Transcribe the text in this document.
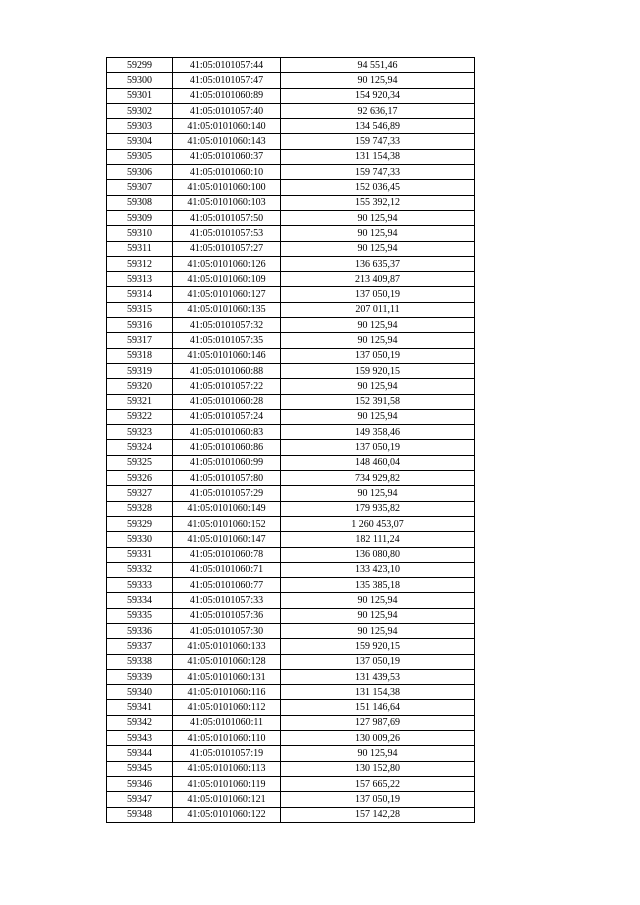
59299	41:05:0101057:44	94 551,46
59300	41:05:0101057:47	90 125,94
59301	41:05:0101060:89	154 920,34
59302	41:05:0101057:40	92 636,17
59303	41:05:0101060:140	134 546,89
59304	41:05:0101060:143	159 747,33
59305	41:05:0101060:37	131 154,38
59306	41:05:0101060:10	159 747,33
59307	41:05:0101060:100	152 036,45
59308	41:05:0101060:103	155 392,12
59309	41:05:0101057:50	90 125,94
59310	41:05:0101057:53	90 125,94
59311	41:05:0101057:27	90 125,94
59312	41:05:0101060:126	136 635,37
59313	41:05:0101060:109	213 409,87
59314	41:05:0101060:127	137 050,19
59315	41:05:0101060:135	207 011,11
59316	41:05:0101057:32	90 125,94
59317	41:05:0101057:35	90 125,94
59318	41:05:0101060:146	137 050,19
59319	41:05:0101060:88	159 920,15
59320	41:05:0101057:22	90 125,94
59321	41:05:0101060:28	152 391,58
59322	41:05:0101057:24	90 125,94
59323	41:05:0101060:83	149 358,46
59324	41:05:0101060:86	137 050,19
59325	41:05:0101060:99	148 460,04
59326	41:05:0101057:80	734 929,82
59327	41:05:0101057:29	90 125,94
59328	41:05:0101060:149	179 935,82
59329	41:05:0101060:152	1 260 453,07
59330	41:05:0101060:147	182 111,24
59331	41:05:0101060:78	136 080,80
59332	41:05:0101060:71	133 423,10
59333	41:05:0101060:77	135 385,18
59334	41:05:0101057:33	90 125,94
59335	41:05:0101057:36	90 125,94
59336	41:05:0101057:30	90 125,94
59337	41:05:0101060:133	159 920,15
59338	41:05:0101060:128	137 050,19
59339	41:05:0101060:131	131 439,53
59340	41:05:0101060:116	131 154,38
59341	41:05:0101060:112	151 146,64
59342	41:05:0101060:11	127 987,69
59343	41:05:0101060:110	130 009,26
59344	41:05:0101057:19	90 125,94
59345	41:05:0101060:113	130 152,80
59346	41:05:0101060:119	157 665,22
59347	41:05:0101060:121	137 050,19
59348	41:05:0101060:122	157 142,28
